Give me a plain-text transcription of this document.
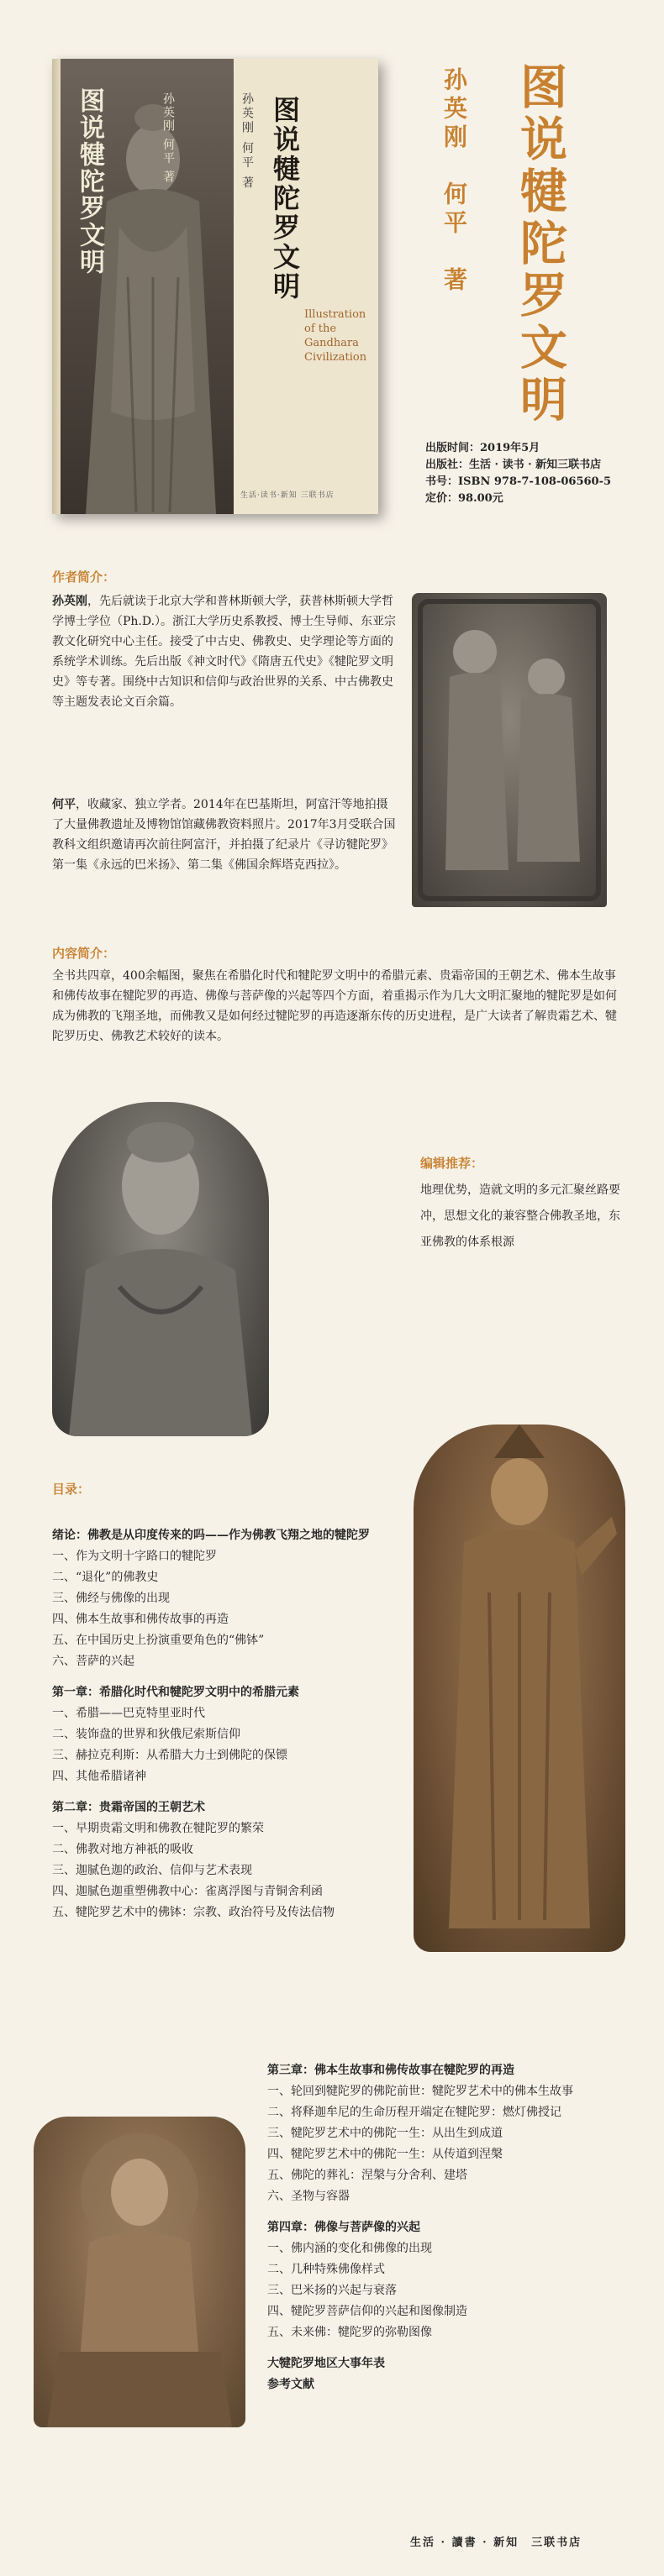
图说犍陀罗文明	孙英刚 何平 著	孙英刚 何平 著 图说犍陀罗文明
Illustration of the Gandhara Civilization
生活·读书·新知 三联书店
图说犍陀罗文明
孙英刚　何平　著
出版时间：2019年5月
出版社：生活 · 读书 · 新知三联书店
书号：ISBN 978-7-108-06560-5
定价：98.00元
作者简介：
孙英刚，先后就读于北京大学和普林斯顿大学，获普林斯顿大学哲学博士学位（Ph.D.）。浙江大学历史系教授、博士生导师、东亚宗教文化研究中心主任。接受了中古史、佛教史、史学理论等方面的系统学术训练。先后出版《神文时代》《隋唐五代史》《犍陀罗文明史》等专著。围绕中古知识和信仰与政治世界的关系、中古佛教史等主题发表论文百余篇。
何平，收藏家、独立学者。2014年在巴基斯坦，阿富汗等地拍摄了大量佛教遗址及博物馆馆藏佛教资料照片。2017年3月受联合国教科文组织邀请再次前往阿富汗，并拍摄了纪录片《寻访犍陀罗》第一集《永远的巴米扬》、第二集《佛国余辉塔克西拉》。
内容简介：
全书共四章，400余幅图，聚焦在希腊化时代和犍陀罗文明中的希腊元素、贵霜帝国的王朝艺术、佛本生故事和佛传故事在犍陀罗的再造、佛像与菩萨像的兴起等四个方面，着重揭示作为几大文明汇聚地的犍陀罗是如何成为佛教的飞翔圣地，而佛教又是如何经过犍陀罗的再造逐渐东传的历史进程，是广大读者了解贵霜艺术、犍陀罗历史、佛教艺术较好的读本。
编辑推荐：
地理优势，造就文明的多元汇聚丝路要冲，思想文化的兼容整合佛教圣地，东亚佛教的体系根源
目录：
绪论：佛教是从印度传来的吗——作为佛教飞翔之地的犍陀罗
一、作为文明十字路口的犍陀罗
二、“退化”的佛教史
三、佛经与佛像的出现
四、佛本生故事和佛传故事的再造
五、在中国历史上扮演重要角色的“佛钵”
六、菩萨的兴起
第一章：希腊化时代和犍陀罗文明中的希腊元素
一、希腊——巴克特里亚时代
二、装饰盘的世界和狄俄尼索斯信仰
三、赫拉克利斯：从希腊大力士到佛陀的保镖
四、其他希腊诸神
第二章：贵霜帝国的王朝艺术
一、早期贵霜文明和佛教在犍陀罗的繁荣
二、佛教对地方神祇的吸收
三、迦腻色迦的政治、信仰与艺术表现
四、迦腻色迦重塑佛教中心：雀离浮图与青铜舍利函
五、犍陀罗艺术中的佛钵：宗教、政治符号及传法信物
第三章：佛本生故事和佛传故事在犍陀罗的再造
一、轮回到犍陀罗的佛陀前世：犍陀罗艺术中的佛本生故事
二、将释迦牟尼的生命历程开端定在犍陀罗：燃灯佛授记
三、犍陀罗艺术中的佛陀一生：从出生到成道
四、犍陀罗艺术中的佛陀一生：从传道到涅槃
五、佛陀的葬礼：涅槃与分舍利、建塔
六、圣物与容器
第四章：佛像与菩萨像的兴起
一、佛内涵的变化和佛像的出现
二、几种特殊佛像样式
三、巴米扬的兴起与衰落
四、犍陀罗菩萨信仰的兴起和图像制造
五、未来佛：犍陀罗的弥勒图像
大犍陀罗地区大事年表
参考文献
生活 · 讀書 · 新知　三联书店
